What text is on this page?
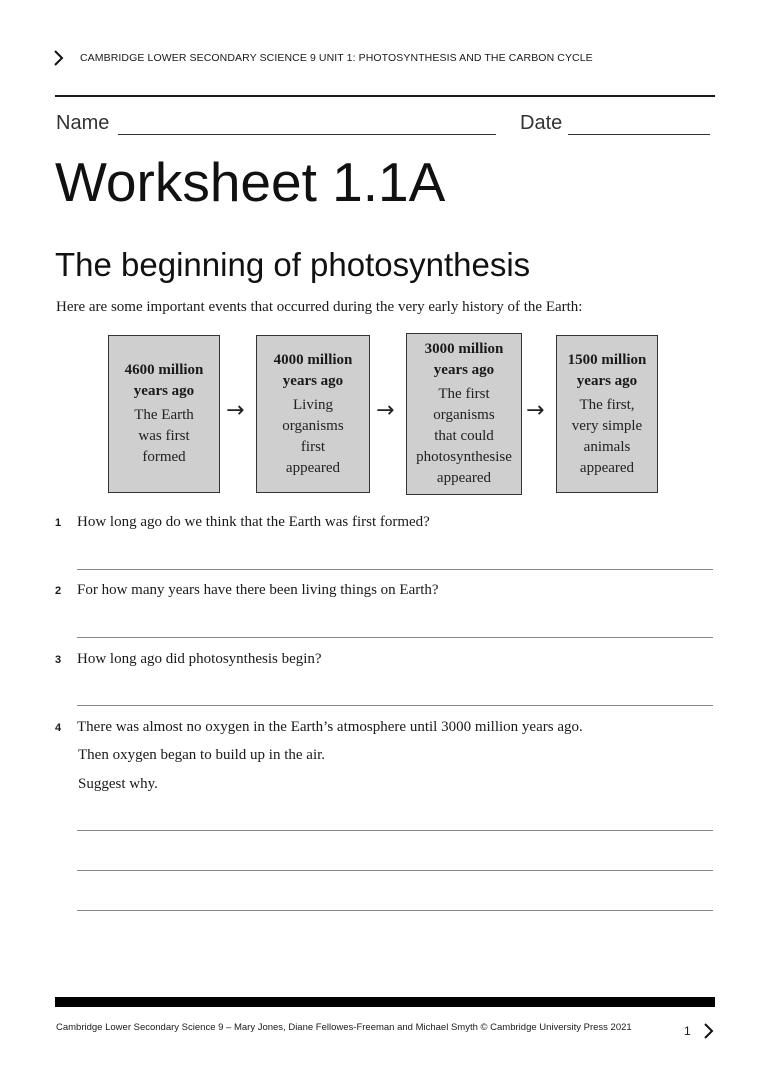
CAMBRIDGE LOWER SECONDARY SCIENCE 9 UNIT 1: PHOTOSYNTHESIS AND THE CARBON CYCLE
Name	Date
Worksheet 1.1A
The beginning of photosynthesis
Here are some important events that occurred during the very early history of the Earth:
4600 million
years ago
The Earth
was first
formed
→
4000 million
years ago
Living
organisms
first
appeared
→
3000 million
years ago
The first
organisms
that could
photosynthesise
appeared
→
1500 million
years ago
The first,
very simple
animals
appeared
1 How long ago do we think that the Earth was first formed?
2 For how many years have there been living things on Earth?
3 How long ago did photosynthesis begin?
4 There was almost no oxygen in the Earth’s atmosphere until 3000 million years ago.
Then oxygen began to build up in the air.
Suggest why.
Cambridge Lower Secondary Science 9 – Mary Jones, Diane Fellowes-Freeman and Michael Smyth © Cambridge University Press 2021	1
